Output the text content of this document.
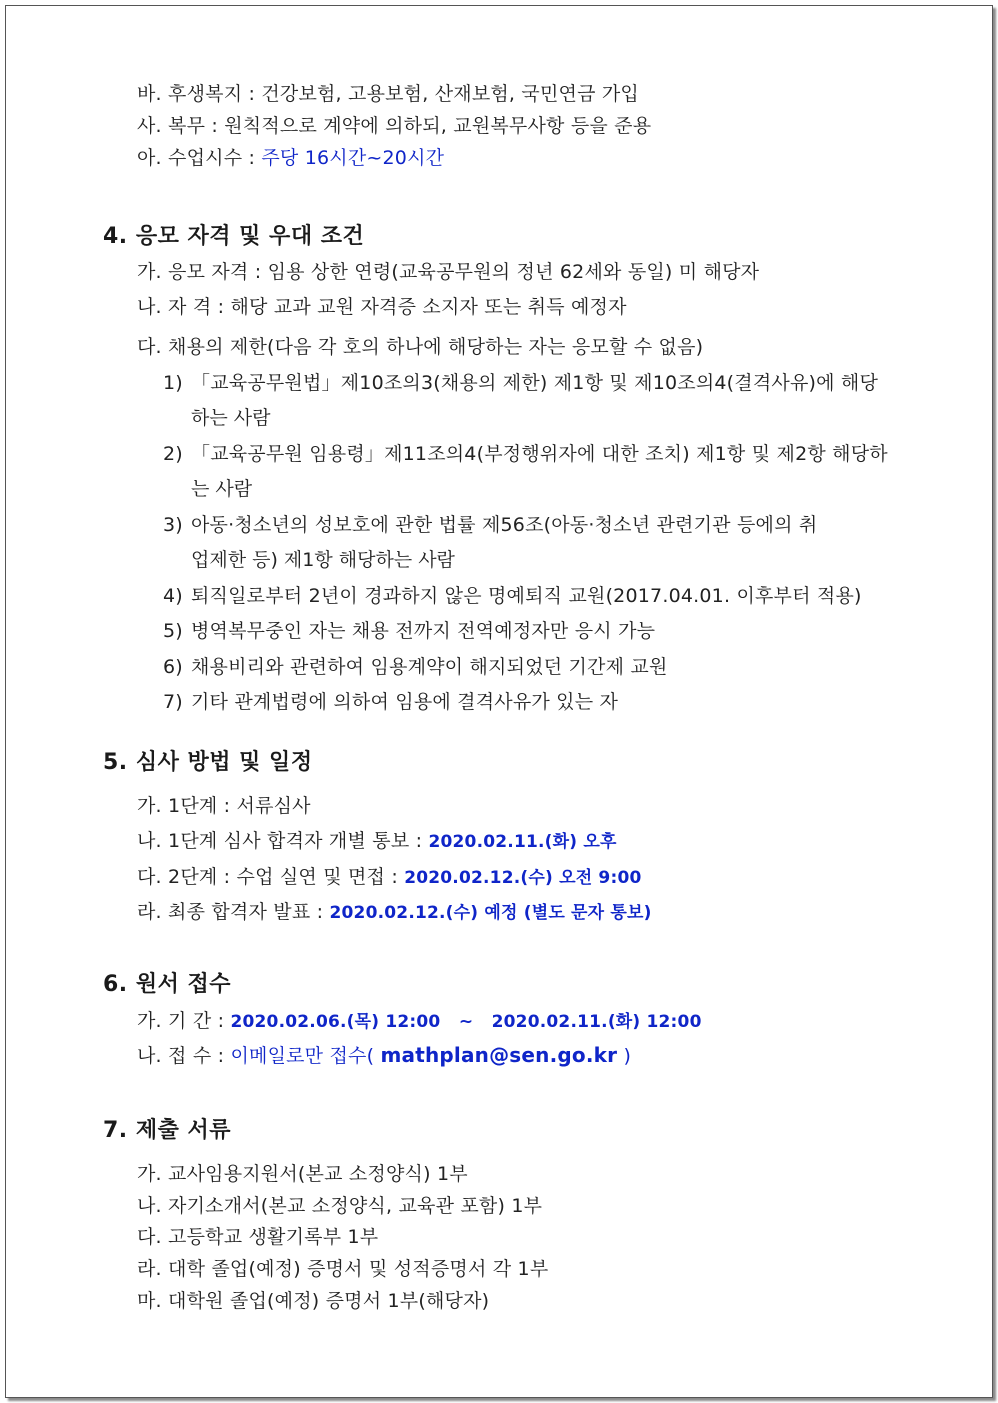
바. 후생복지 : 건강보험, 고용보험, 산재보험, 국민연금 가입
사. 복무 : 원칙적으로 계약에 의하되, 교원복무사항 등을 준용
아. 수업시수 : 주당 16시간~20시간
4. 응모 자격 및 우대 조건
가. 응모 자격 : 임용 상한 연령(교육공무원의 정년 62세와 동일) 미 해당자
나. 자 격 : 해당 교과 교원 자격증 소지자 또는 취득 예정자
다. 채용의 제한(다음 각 호의 하나에 해당하는 자는 응모할 수 없음)
1) 「교육공무원법」제10조의3(채용의 제한) 제1항 및 제10조의4(결격사유)에 해당
하는 사람
2) 「교육공무원 임용령」제11조의4(부정행위자에 대한 조치) 제1항 및 제2항 해당하
는 사람
3) 아동·청소년의 성보호에 관한 법률 제56조(아동·청소년 관련기관 등에의 취
업제한 등) 제1항 해당하는 사람
4) 퇴직일로부터 2년이 경과하지 않은 명예퇴직 교원(2017.04.01. 이후부터 적용)
5) 병역복무중인 자는 채용 전까지 전역예정자만 응시 가능
6) 채용비리와 관련하여 임용계약이 해지되었던 기간제 교원
7) 기타 관계법령에 의하여 임용에 결격사유가 있는 자
5. 심사 방법 및 일정
가. 1단계 : 서류심사
나. 1단계 심사 합격자 개별 통보 : 2020.02.11.(화) 오후
다. 2단계 : 수업 실연 및 면접 : 2020.02.12.(수) 오전 9:00
라. 최종 합격자 발표 : 2020.02.12.(수) 예정 (별도 문자 통보)
6. 원서 접수
가. 기 간 : 2020.02.06.(목) 12:00   ~   2020.02.11.(화) 12:00
나. 접 수 : 이메일로만 접수( mathplan@sen.go.kr )
7. 제출 서류
가. 교사임용지원서(본교 소정양식) 1부
나. 자기소개서(본교 소정양식, 교육관 포함) 1부
다. 고등학교 생활기록부 1부
라. 대학 졸업(예정) 증명서 및 성적증명서 각 1부
마. 대학원 졸업(예정) 증명서 1부(해당자)
